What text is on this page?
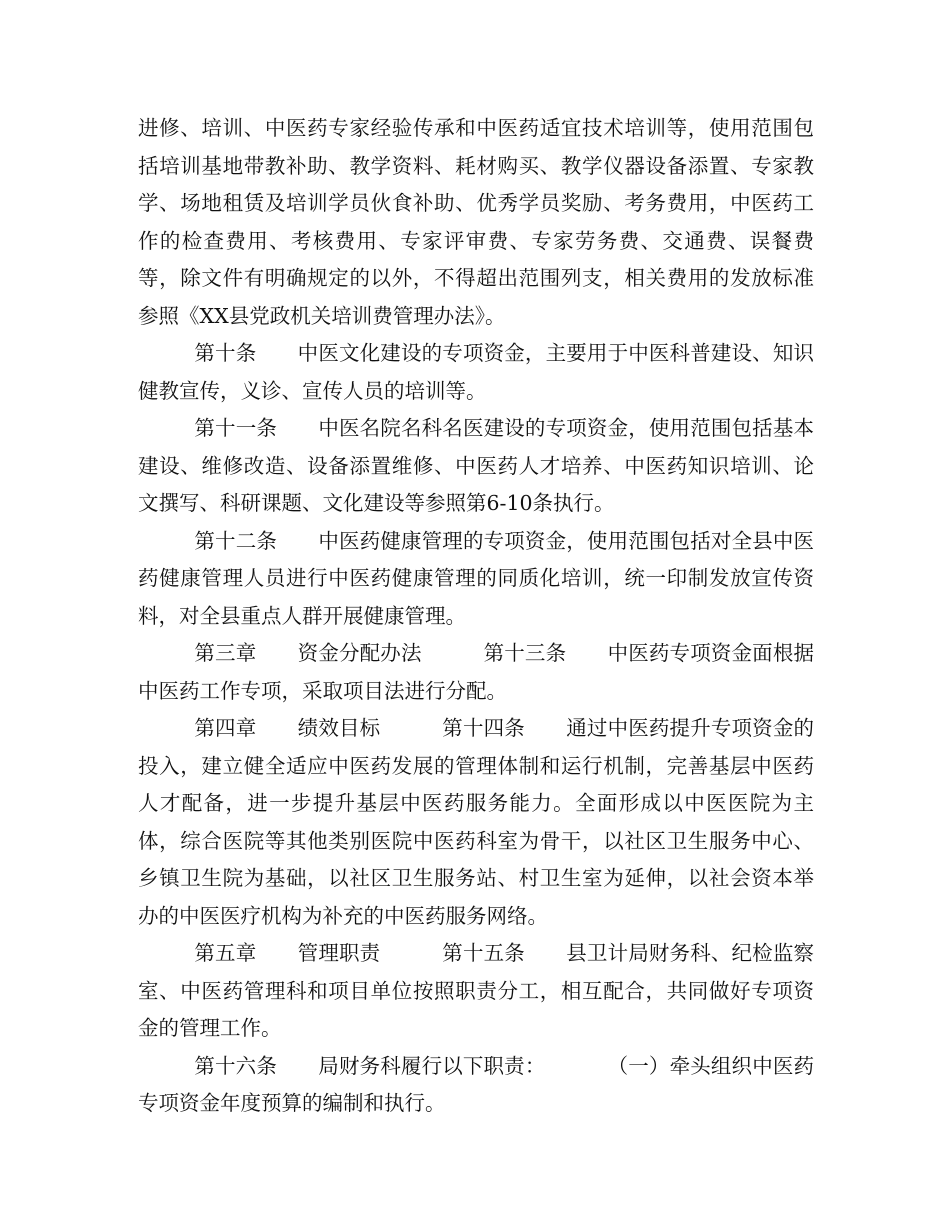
进修、培训、中医药专家经验传承和中医药适宜技术培训等，使用范围包括培训基地带教补助、教学资料、耗材购买、教学仪器设备添置、专家教学、场地租赁及培训学员伙食补助、优秀学员奖励、考务费用，中医药工作的检查费用、考核费用、专家评审费、专家劳务费、交通费、误餐费等，除文件有明确规定的以外，不得超出范围列支，相关费用的发放标准参照《XX县党政机关培训费管理办法》。

第十条　　中医文化建设的专项资金，主要用于中医科普建设、知识健教宣传，义诊、宣传人员的培训等。

第十一条　　中医名院名科名医建设的专项资金，使用范围包括基本建设、维修改造、设备添置维修、中医药人才培养、中医药知识培训、论文撰写、科研课题、文化建设等参照第6-10条执行。

第十二条　　中医药健康管理的专项资金，使用范围包括对全县中医药健康管理人员进行中医药健康管理的同质化培训，统一印制发放宣传资料，对全县重点人群开展健康管理。

第三章　　资金分配办法　　　第十三条　　中医药专项资金面根据中医药工作专项，采取项目法进行分配。

第四章　　绩效目标　　　第十四条　　通过中医药提升专项资金的投入，建立健全适应中医药发展的管理体制和运行机制，完善基层中医药人才配备，进一步提升基层中医药服务能力。全面形成以中医医院为主体，综合医院等其他类别医院中医药科室为骨干，以社区卫生服务中心、乡镇卫生院为基础，以社区卫生服务站、村卫生室为延伸，以社会资本举办的中医医疗机构为补充的中医药服务网络。

第五章　　管理职责　　　第十五条　　县卫计局财务科、纪检监察室、中医药管理科和项目单位按照职责分工，相互配合，共同做好专项资金的管理工作。

第十六条　　局财务科履行以下职责：　　　　（一）牵头组织中医药专项资金年度预算的编制和执行。
